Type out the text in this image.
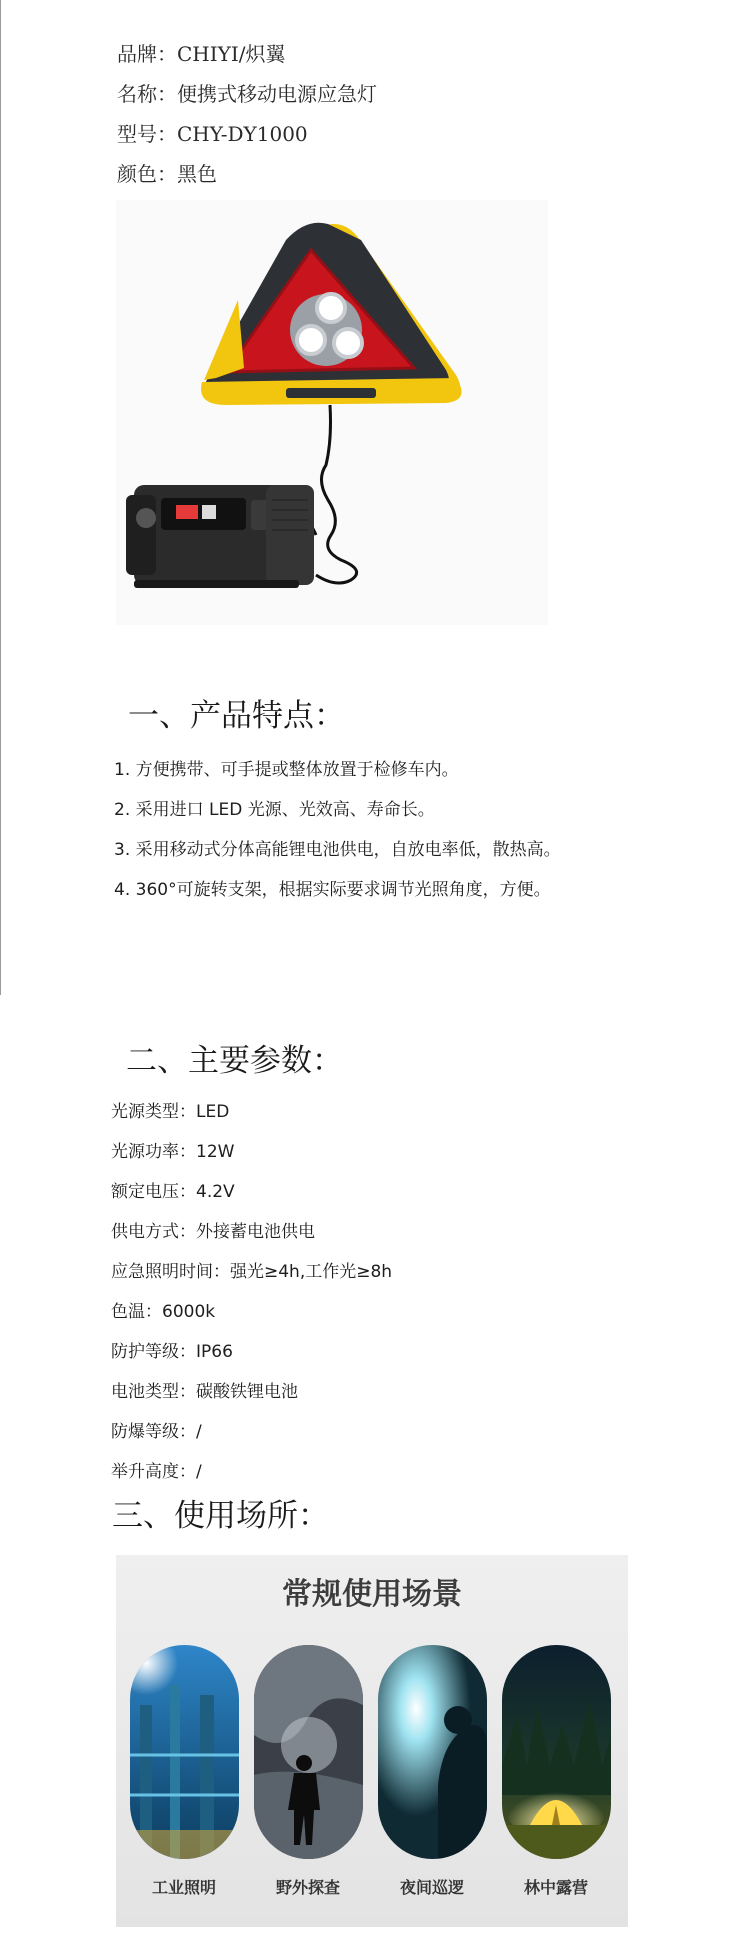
品牌：CHIYI/炽翼
名称：便携式移动电源应急灯
型号：CHY-DY1000
颜色：黑色
一、产品特点：
1. 方便携带、可手提或整体放置于检修车内。
2. 采用进口 LED 光源、光效高、寿命长。
3. 采用移动式分体高能锂电池供电，自放电率低，散热高。
4. 360°可旋转支架，根据实际要求调节光照角度，方便。
二、主要参数：
光源类型：LED
光源功率：12W
额定电压：4.2V
供电方式：外接蓄电池供电
应急照明时间：强光≥4h,工作光≥8h
色温：6000k
防护等级：IP66
电池类型：碳酸铁锂电池
防爆等级：/
举升高度：/
三、使用场所：
常规使用场景
工业照明	野外探查	夜间巡逻	林中露营
